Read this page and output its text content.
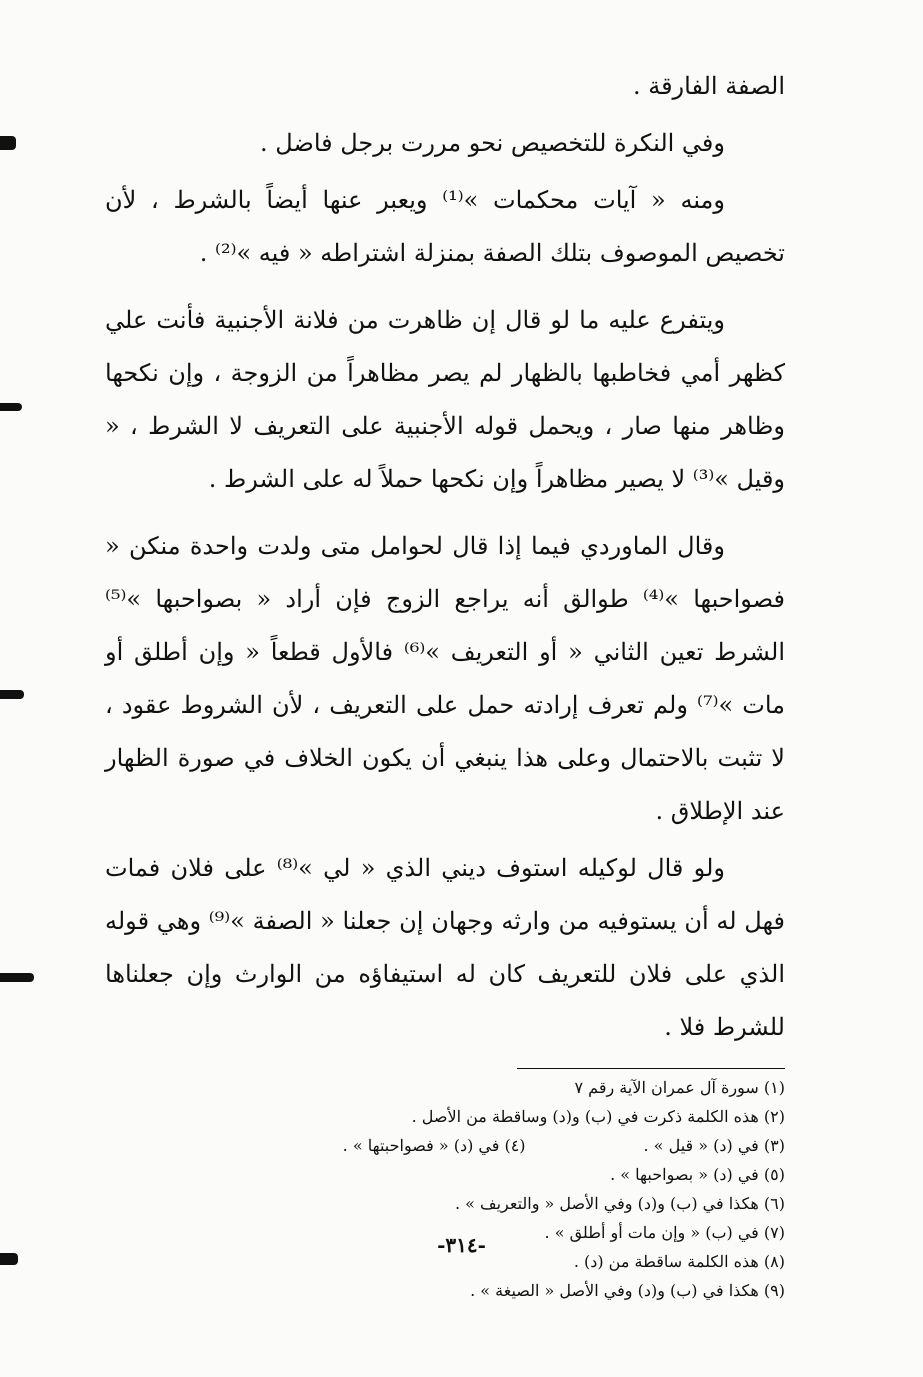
الصفة الفارقة .

وفي النكرة للتخصيص نحو مررت برجل فاضل .

ومنه « آيات محكمات »⁽¹⁾ ويعبر عنها أيضاً بالشرط ، لأن تخصيص الموصوف بتلك الصفة بمنزلة اشتراطه « فيه »⁽²⁾ .

ويتفرع عليه ما لو قال إن ظاهرت من فلانة الأجنبية فأنت علي كظهر أمي فخاطبها بالظهار لم يصر مظاهراً من الزوجة ، وإن نكحها وظاهر منها صار ، ويحمل قوله الأجنبية على التعريف لا الشرط ، « وقيل »⁽³⁾ لا يصير مظاهراً وإن نكحها حملاً له على الشرط .

وقال الماوردي فيما إذا قال لحوامل متى ولدت واحدة منكن « فصواحبها »⁽⁴⁾ طوالق أنه يراجع الزوج فإن أراد « بصواحبها »⁽⁵⁾ الشرط تعين الثاني « أو التعريف »⁽⁶⁾ فالأول قطعاً « وإن أطلق أو مات »⁽⁷⁾ ولم تعرف إرادته حمل على التعريف ، لأن الشروط عقود ، لا تثبت بالاحتمال وعلى هذا ينبغي أن يكون الخلاف في صورة الظهار عند الإطلاق .

ولو قال لوكيله استوف ديني الذي « لي »⁽⁸⁾ على فلان فمات فهل له أن يستوفيه من وارثه وجهان إن جعلنا « الصفة »⁽⁹⁾ وهي قوله الذي على فلان للتعريف كان له استيفاؤه من الوارث وإن جعلناها للشرط فلا .

(١) سورة آل عمران الآية رقم ٧
(٢) هذه الكلمة ذكرت في (ب) و(د) وساقطة من الأصل .
(٣) في (د) « قيل » .
(٤) في (د) « فصواحبتها » .
(٥) في (د) « بصواحبها » .
(٦) هكذا في (ب) و(د) وفي الأصل « والتعريف » .
(٧) في (ب) « وإن مات أو أطلق » .
(٨) هذه الكلمة ساقطة من (د) .
(٩) هكذا في (ب) و(د) وفي الأصل « الصيغة » .
-٣١٤-
